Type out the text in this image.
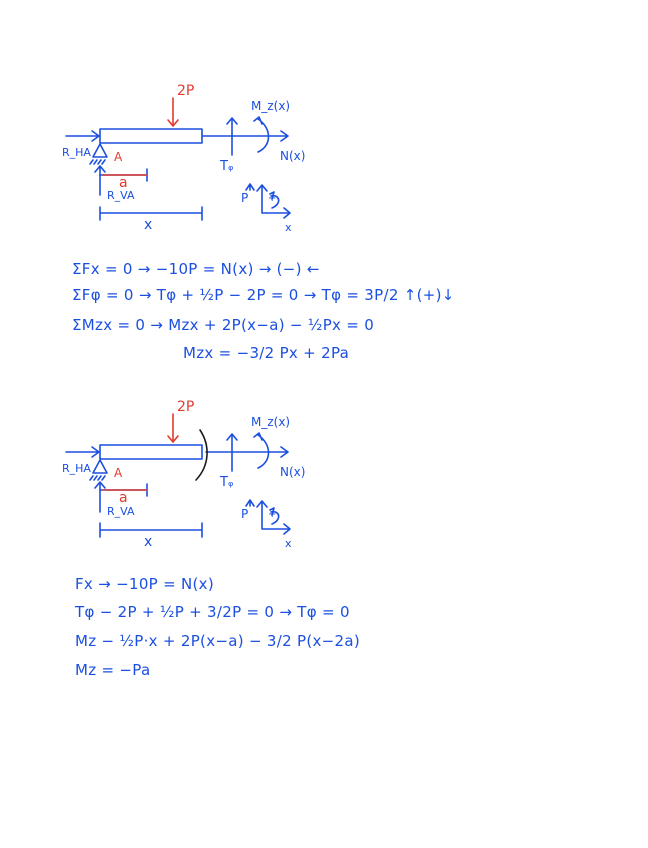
2P
R_HA A
R_VA
a
x
Tᵩ
M_z(x)
N(x)
P
x
+
ΣFx = 0 → −10P = N(x) → (−) ←
ΣFφ = 0 → Tφ + ½P − 2P = 0 → Tφ = 3P/2 ↑(+)↓
ΣMzx = 0 → Mzx + 2P(x−a) − ½Px = 0
Mzx = −3/2 Px + 2Pa
2P
R_HA A
R_VA
a
x
Tᵩ
M_z(x)
N(x)
P
x
+
Fx → −10P = N(x)
Tφ − 2P + ½P + 3/2P = 0 → Tφ = 0
Mz − ½P·x + 2P(x−a) − 3/2 P(x−2a)
Mz = −Pa
